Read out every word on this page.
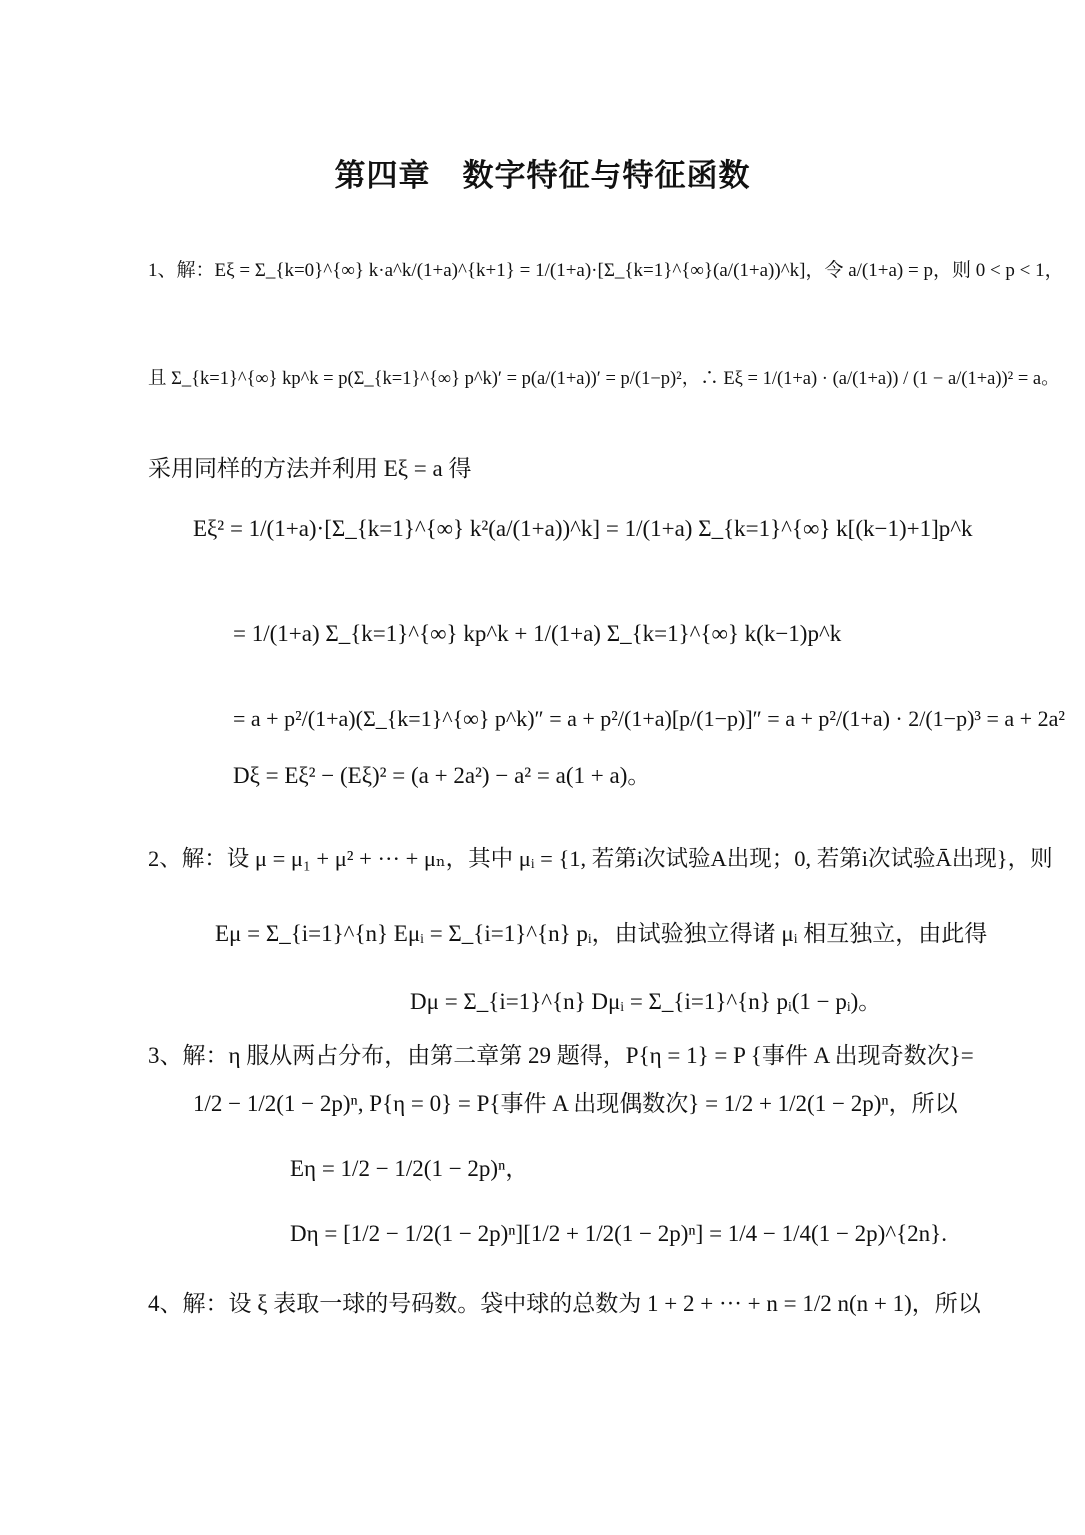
第四章　数字特征与特征函数
1、解：Eξ = Σ_{k=0}^{∞} k·a^k/(1+a)^{k+1} = 1/(1+a)·[Σ_{k=1}^{∞}(a/(1+a))^k]，令 a/(1+a) = p，则 0 < p < 1，
且 Σ_{k=1}^{∞} kp^k = p(Σ_{k=1}^{∞} p^k)′ = p(a/(1+a))′ = p/(1−p)²，∴ Eξ = 1/(1+a) · (a/(1+a)) / (1 − a/(1+a))² = a。
采用同样的方法并利用 Eξ = a 得
Eξ² = 1/(1+a)·[Σ_{k=1}^{∞} k²(a/(1+a))^k] = 1/(1+a) Σ_{k=1}^{∞} k[(k−1)+1]p^k
= 1/(1+a) Σ_{k=1}^{∞} kp^k + 1/(1+a) Σ_{k=1}^{∞} k(k−1)p^k
= a + p²/(1+a)(Σ_{k=1}^{∞} p^k)″ = a + p²/(1+a)[p/(1−p)]″ = a + p²/(1+a) · 2/(1−p)³ = a + 2a²
Dξ = Eξ² − (Eξ)² = (a + 2a²) − a² = a(1 + a)。
2、解：设 μ = μ₁ + μ² + ··· + μₙ，其中 μᵢ = {1, 若第i次试验A出现；0, 若第i次试验Ā出现}，则
Eμ = Σ_{i=1}^{n} Eμᵢ = Σ_{i=1}^{n} pᵢ，由试验独立得诸 μᵢ 相互独立，由此得
Dμ = Σ_{i=1}^{n} Dμᵢ = Σ_{i=1}^{n} pᵢ(1 − pᵢ)。
3、解：η 服从两占分布，由第二章第 29 题得，P{η = 1} = P {事件 A 出现奇数次}=
1/2 − 1/2(1 − 2p)ⁿ, P{η = 0} = P{事件 A 出现偶数次} = 1/2 + 1/2(1 − 2p)ⁿ，所以
Eη = 1/2 − 1/2(1 − 2p)ⁿ，
Dη = [1/2 − 1/2(1 − 2p)ⁿ][1/2 + 1/2(1 − 2p)ⁿ] = 1/4 − 1/4(1 − 2p)^{2n}.
4、解：设 ξ 表取一球的号码数。袋中球的总数为 1 + 2 + ··· + n = 1/2 n(n + 1)，所以
